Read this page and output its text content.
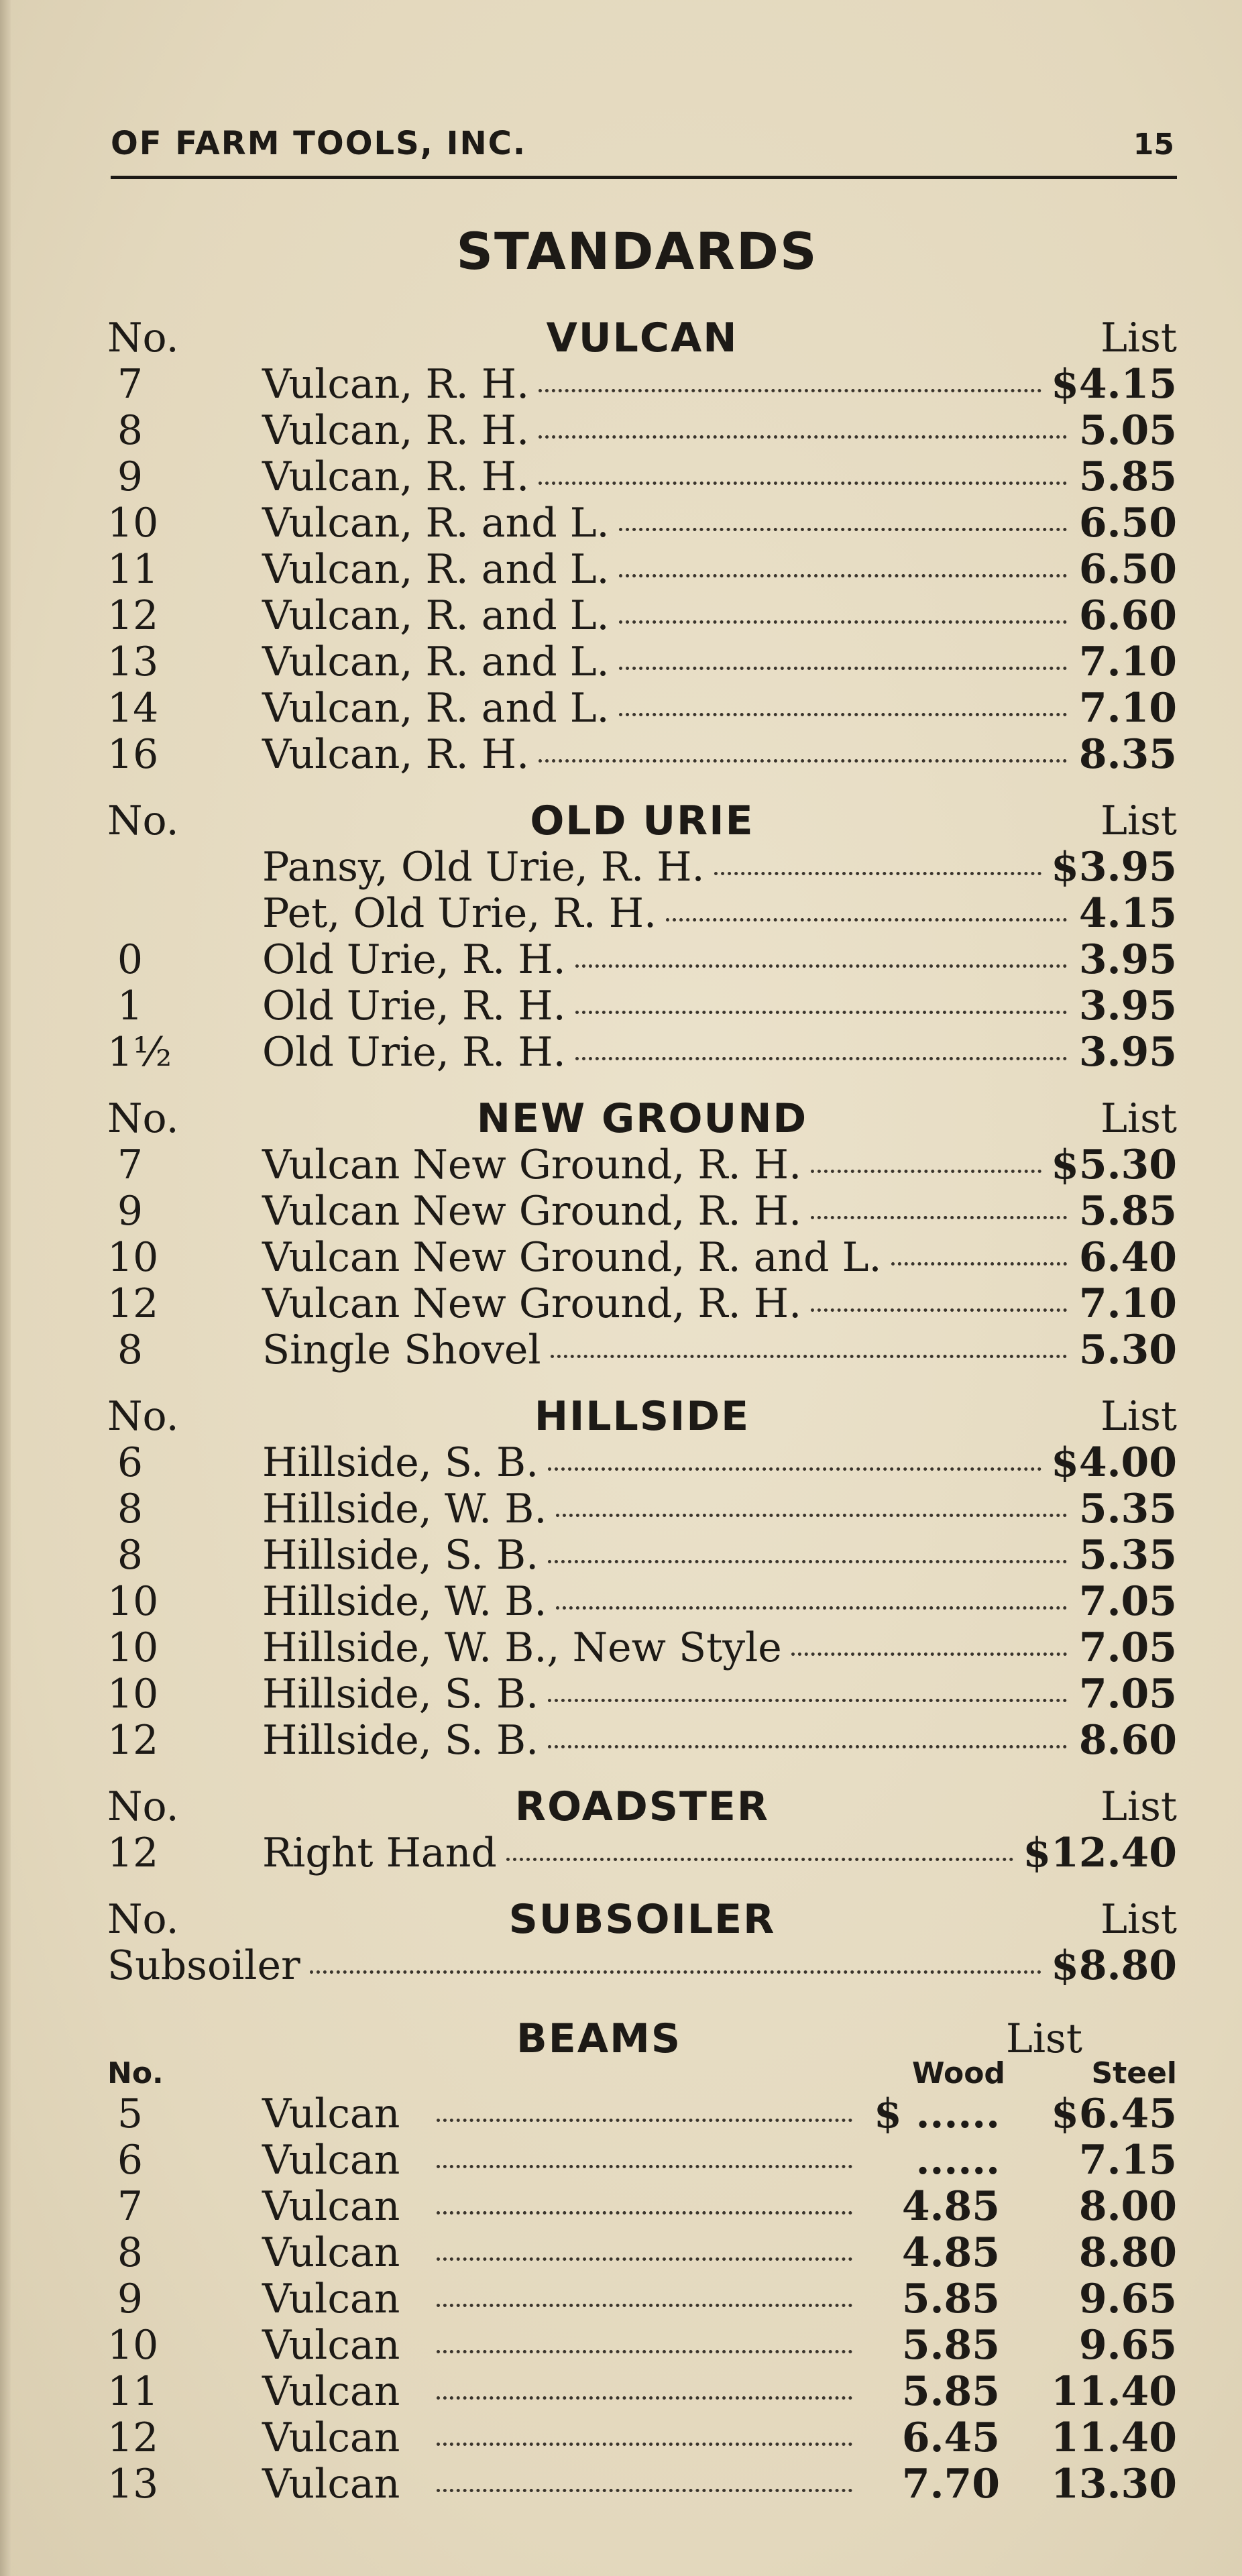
OF FARM TOOLS, INC.	15
STANDARDS
No.	VULCAN	List
7	Vulcan, R. H.	$4.15
8	Vulcan, R. H.	5.05
9	Vulcan, R. H.	5.85
10	Vulcan, R. and L.	6.50
11	Vulcan, R. and L.	6.50
12	Vulcan, R. and L.	6.60
13	Vulcan, R. and L.	7.10
14	Vulcan, R. and L.	7.10
16	Vulcan, R. H.	8.35
No.	OLD URIE	List
Pansy, Old Urie, R. H.	$3.95
Pet, Old Urie, R. H.	4.15
0	Old Urie, R. H.	3.95
1	Old Urie, R. H.	3.95
1½ Old Urie, R. H.	3.95
No.	NEW GROUND	List
7	Vulcan New Ground, R. H.	$5.30
9	Vulcan New Ground, R. H.	5.85
10	Vulcan New Ground, R. and L.	6.40
12	Vulcan New Ground, R. H.	7.10
8	Single Shovel	5.30
No.	HILLSIDE	List
6	Hillside, S. B.	$4.00
8	Hillside, W. B.	5.35
8	Hillside, S. B.	5.35
10	Hillside, W. B.	7.05
10	Hillside, W. B., New Style	7.05
10	Hillside, S. B.	7.05
12	Hillside, S. B.	8.60
No.	ROADSTER	List
12	Right Hand	$12.40
No.	SUBSOILER	List
Subsoiler	$8.80
BEAMS	List
No.	Wood	Steel
5	Vulcan	$ ......	$6.45
6	Vulcan	......	7.15
7	Vulcan	4.85	8.00
8	Vulcan	4.85	8.80
9	Vulcan	5.85	9.65
10	Vulcan	5.85	9.65
11	Vulcan	5.85	11.40
12	Vulcan	6.45	11.40
13	Vulcan	7.70	13.30
